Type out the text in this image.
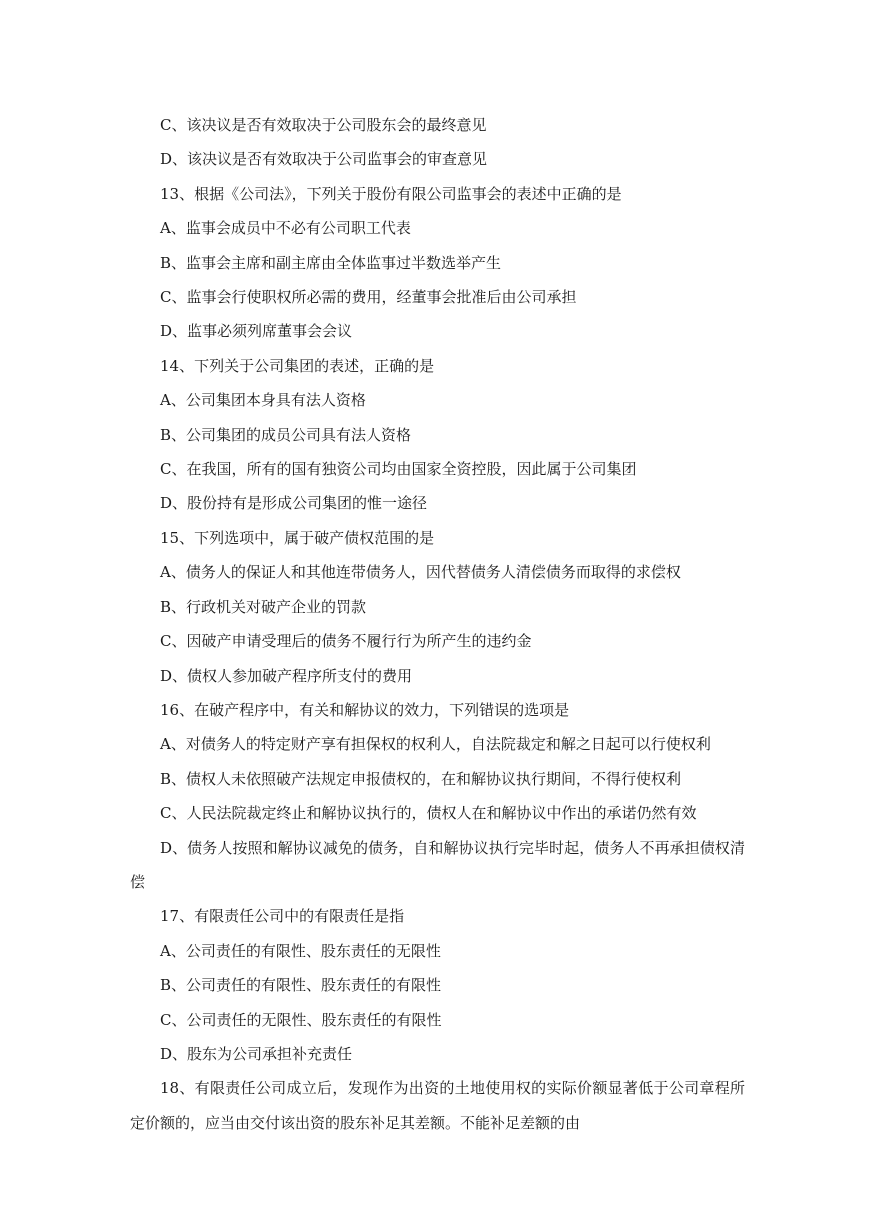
C、该决议是否有效取决于公司股东会的最终意见
D、该决议是否有效取决于公司监事会的审查意见
13、根据《公司法》，下列关于股份有限公司监事会的表述中正确的是
A、监事会成员中不必有公司职工代表
B、监事会主席和副主席由全体监事过半数选举产生
C、监事会行使职权所必需的费用，经董事会批准后由公司承担
D、监事必须列席董事会会议
14、下列关于公司集团的表述，正确的是
A、公司集团本身具有法人资格
B、公司集团的成员公司具有法人资格
C、在我国，所有的国有独资公司均由国家全资控股，因此属于公司集团
D、股份持有是形成公司集团的惟一途径
15、下列选项中，属于破产债权范围的是
A、债务人的保证人和其他连带债务人，因代替债务人清偿债务而取得的求偿权
B、行政机关对破产企业的罚款
C、因破产申请受理后的债务不履行行为所产生的违约金
D、债权人参加破产程序所支付的费用
16、在破产程序中，有关和解协议的效力，下列错误的选项是
A、对债务人的特定财产享有担保权的权利人，自法院裁定和解之日起可以行使权利
B、债权人未依照破产法规定申报债权的，在和解协议执行期间，不得行使权利
C、人民法院裁定终止和解协议执行的，债权人在和解协议中作出的承诺仍然有效
D、债务人按照和解协议减免的债务，自和解协议执行完毕时起，债务人不再承担债权清偿
17、有限责任公司中的有限责任是指
A、公司责任的有限性、股东责任的无限性
B、公司责任的有限性、股东责任的有限性
C、公司责任的无限性、股东责任的有限性
D、股东为公司承担补充责任
18、有限责任公司成立后，发现作为出资的土地使用权的实际价额显著低于公司章程所定价额的，应当由交付该出资的股东补足其差额。不能补足差额的由
